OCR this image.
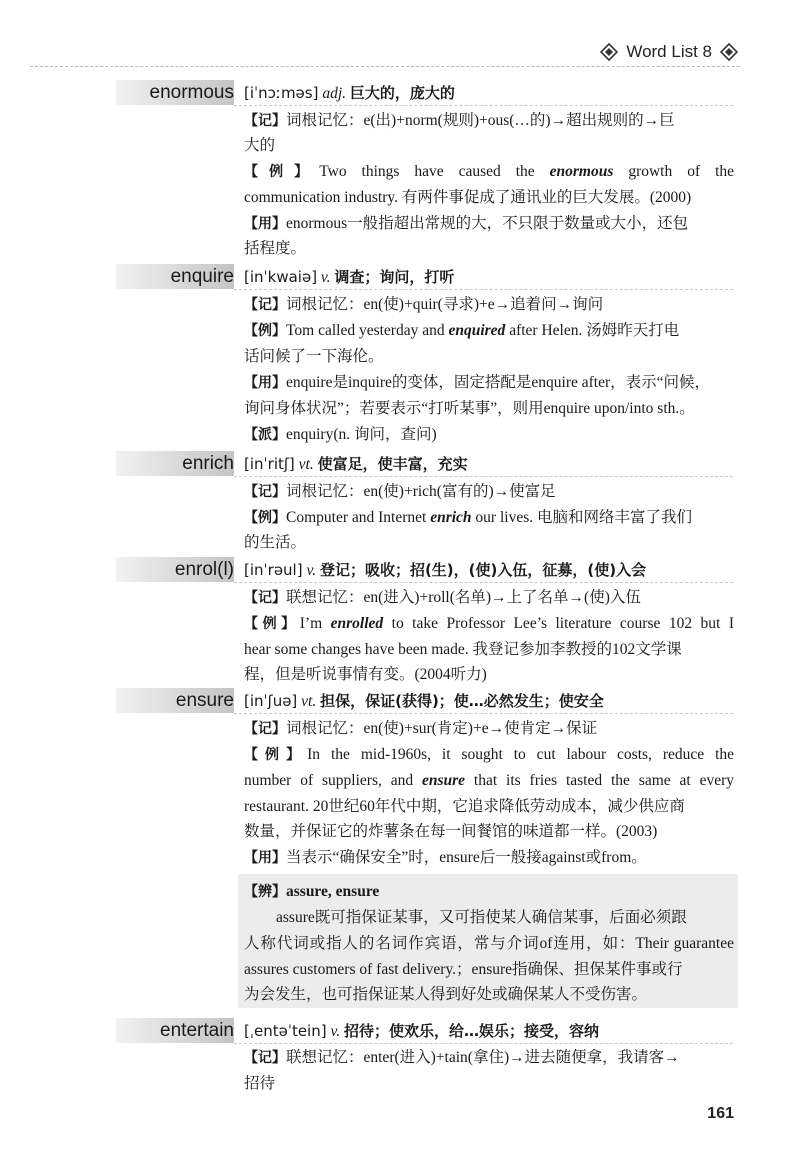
Word List 8
enormous [iˈnɔːməs] adj. 巨大的，庞大的
【记】词根记忆：e(出)+norm(规则)+ous(…的)→超出规则的→巨
大的
【例】Two things have caused the enormous growth of the
communication industry. 有两件事促成了通讯业的巨大发展。(2000)
【用】enormous一般指超出常规的大，不只限于数量或大小，还包
括程度。
enquire [inˈkwaiə] v. 调查；询问，打听
【记】词根记忆：en(使)+quir(寻求)+e→追着问→询问
【例】Tom called yesterday and enquired after Helen. 汤姆昨天打电
话问候了一下海伦。
【用】enquire是inquire的变体，固定搭配是enquire after，表示“问候，
询问身体状况”；若要表示“打听某事”，则用enquire upon/into sth.。
【派】enquiry(n. 询问，查问)
enrich [inˈritʃ] vt. 使富足，使丰富，充实
【记】词根记忆：en(使)+rich(富有的)→使富足
【例】Computer and Internet enrich our lives. 电脑和网络丰富了我们
的生活。
enrol(l) [inˈrəul] v. 登记；吸收；招(生)，(使)入伍，征募，(使)入会
【记】联想记忆：en(进入)+roll(名单)→上了名单→(使)入伍
【例】I’m enrolled to take Professor Lee’s literature course 102 but I
hear some changes have been made. 我登记参加李教授的102文学课
程，但是听说事情有变。(2004听力)
ensure [inˈʃuə] vt. 担保，保证(获得)；使…必然发生；使安全
【记】词根记忆：en(使)+sur(肯定)+e→使肯定→保证
【例】In the mid-1960s, it sought to cut labour costs, reduce the
number of suppliers, and ensure that its fries tasted the same at every
restaurant. 20世纪60年代中期，它追求降低劳动成本，减少供应商
数量，并保证它的炸薯条在每一间餐馆的味道都一样。(2003)
【用】当表示“确保安全”时，ensure后一般接against或from。
【辨】assure, ensure
assure既可指保证某事，又可指使某人确信某事，后面必须跟
人称代词或指人的名词作宾语，常与介词of连用，如：Their guarantee
assures customers of fast delivery.；ensure指确保、担保某件事或行
为会发生，也可指保证某人得到好处或确保某人不受伤害。
entertain [ˌentəˈtein] v. 招待；使欢乐，给…娱乐；接受，容纳
【记】联想记忆：enter(进入)+tain(拿住)→进去随便拿，我请客→
招待
161
